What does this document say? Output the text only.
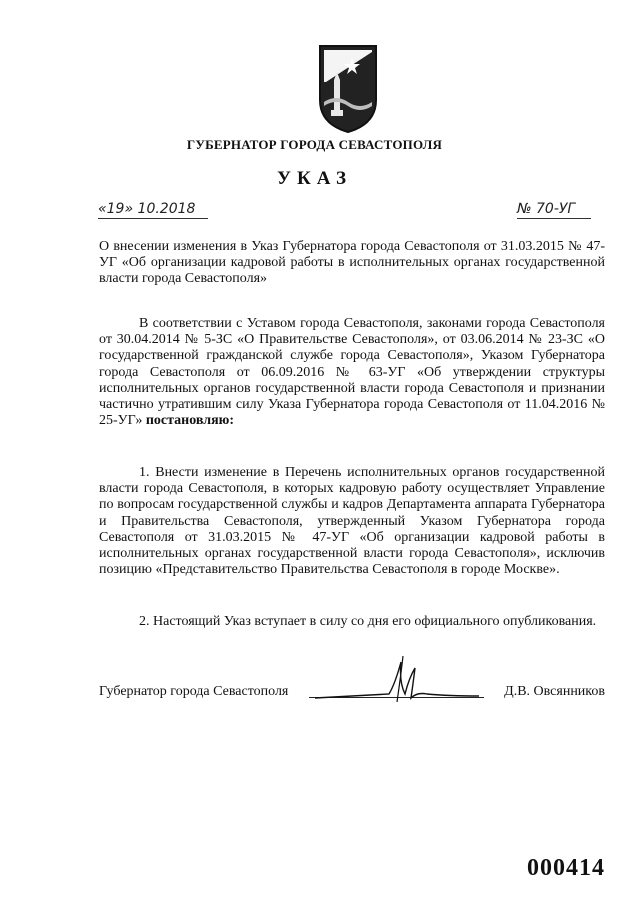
ГУБЕРНАТОР ГОРОДА СЕВАСТОПОЛЯ
УКАЗ
«19» 10.2018	№ 70-УГ
О внесении изменения в Указ Губернатора города Севастополя от 31.03.2015 № 47-УГ «Об организации кадровой работы в исполнительных органах государственной власти города Севастополя»
В соответствии с Уставом города Севастополя, законами города Севастополя от 30.04.2014 № 5-ЗС «О Правительстве Севастополя», от 03.06.2014 № 23-ЗС «О государственной гражданской службе города Севастополя», Указом Губернатора города Севастополя от 06.09.2016 № 63-УГ «Об утверждении структуры исполнительных органов государственной власти города Севастополя и признании частично утратившим силу Указа Губернатора города Севастополя от 11.04.2016 № 25-УГ» постановляю:
1. Внести изменение в Перечень исполнительных органов государственной власти города Севастополя, в которых кадровую работу осуществляет Управление по вопросам государственной службы и кадров Департамента аппарата Губернатора и Правительства Севастополя, утвержденный Указом Губернатора города Севастополя от 31.03.2015 № 47-УГ «Об организации кадровой работы в исполнительных органах государственной власти города Севастополя», исключив позицию «Представительство Правительства Севастополя в городе Москве».
2. Настоящий Указ вступает в силу со дня его официального опубликования.
Губернатор города Севастополя	Д.В. Овсянников
000414
